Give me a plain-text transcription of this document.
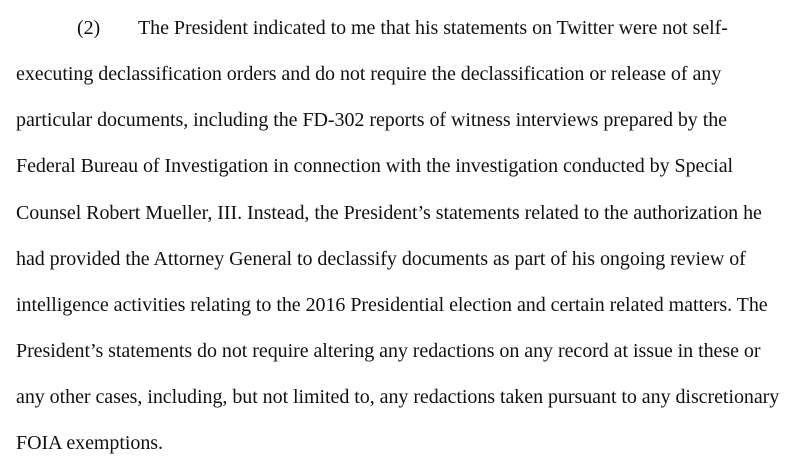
(2) The President indicated to me that his statements on Twitter were not self-
executing declassification orders and do not require the declassification or release of any
particular documents, including the FD-302 reports of witness interviews prepared by the
Federal Bureau of Investigation in connection with the investigation conducted by Special
Counsel Robert Mueller, III. Instead, the President’s statements related to the authorization he
had provided the Attorney General to declassify documents as part of his ongoing review of
intelligence activities relating to the 2016 Presidential election and certain related matters. The
President’s statements do not require altering any redactions on any record at issue in these or
any other cases, including, but not limited to, any redactions taken pursuant to any discretionary
FOIA exemptions.
